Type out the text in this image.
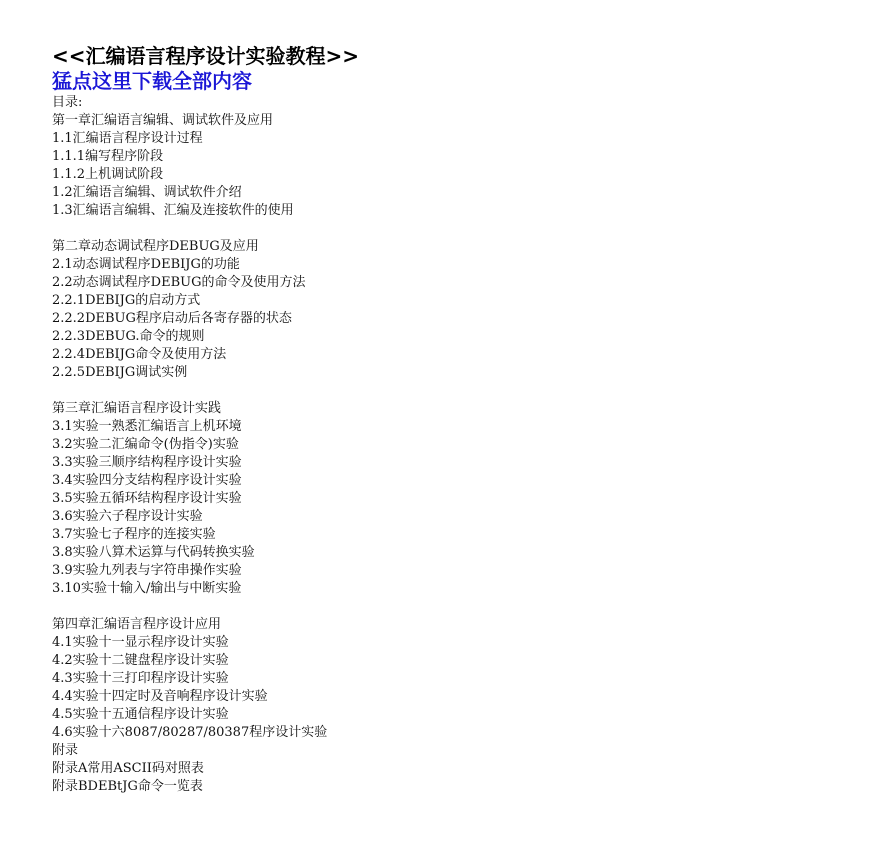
<<汇编语言程序设计实验教程>>
猛点这里下载全部内容
目录:
第一章汇编语言编辑、调试软件及应用
1.1汇编语言程序设计过程
1.1.1编写程序阶段
1.1.2上机调试阶段
1.2汇编语言编辑、调试软件介绍
1.3汇编语言编辑、汇编及连接软件的使用
第二章动态调试程序DEBUG及应用
2.1动态调试程序DEBIJG的功能
2.2动态调试程序DEBUG的命令及使用方法
2.2.1DEBIJG的启动方式
2.2.2DEBUG程序启动后各寄存器的状态
2.2.3DEBUG.命令的规则
2.2.4DEBIJG命令及使用方法
2.2.5DEBIJG调试实例
第三章汇编语言程序设计实践
3.1实验一熟悉汇编语言上机环境
3.2实验二汇编命令(伪指令)实验
3.3实验三顺序结构程序设计实验
3.4实验四分支结构程序设计实验
3.5实验五循环结构程序设计实验
3.6实验六子程序设计实验
3.7实验七子程序的连接实验
3.8实验八算术运算与代码转换实验
3.9实验九列表与字符串操作实验
3.10实验十输入/输出与中断实验
第四章汇编语言程序设计应用
4.1实验十一显示程序设计实验
4.2实验十二键盘程序设计实验
4.3实验十三打印程序设计实验
4.4实验十四定时及音响程序设计实验
4.5实验十五通信程序设计实验
4.6实验十六8087/80287/80387程序设计实验
附录
附录A常用ASCII码对照表
附录BDEBtJG命令一览表
